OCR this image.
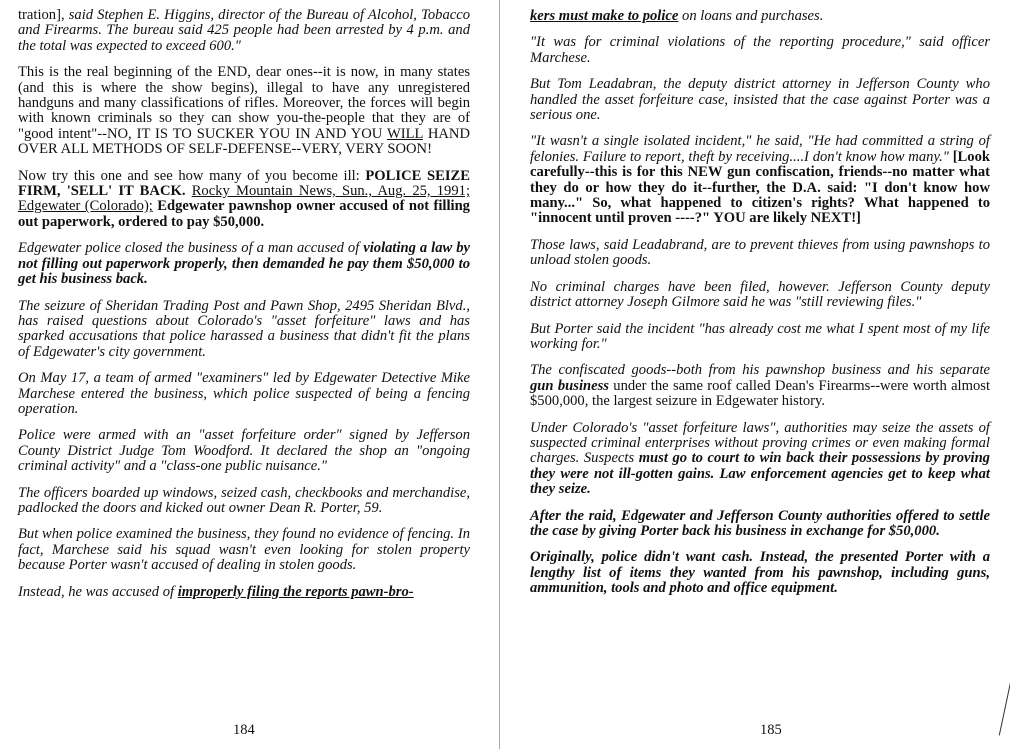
tration], said Stephen E. Higgins, director of the Bureau of Alcohol, Tobacco and Firearms. The bureau said 425 people had been arrested by 4 p.m. and the total was expected to exceed 600."

This is the real beginning of the END, dear ones--it is now, in many states (and this is where the show begins), illegal to have any unregistered handguns and many classifications of rifles. Moreover, the forces will begin with known criminals so they can show you-the-people that they are of "good intent"--NO, IT IS TO SUCKER YOU IN AND YOU WILL HAND OVER ALL METHODS OF SELF-DEFENSE--VERY, VERY SOON!

Now try this one and see how many of you become ill: POLICE SEIZE FIRM, 'SELL' IT BACK. Rocky Mountain News, Sun., Aug. 25, 1991; Edgewater (Colorado); Edgewater pawnshop owner accused of not filling out paperwork, ordered to pay $50,000.

Edgewater police closed the business of a man accused of violating a law by not filling out paperwork properly, then demanded he pay them $50,000 to get his business back.

The seizure of Sheridan Trading Post and Pawn Shop, 2495 Sheridan Blvd., has raised questions about Colorado's "asset forfeiture" laws and has sparked accusations that police harassed a business that didn't fit the plans of Edgewater's city government.

On May 17, a team of armed "examiners" led by Edgewater Detective Mike Marchese entered the business, which police suspected of being a fencing operation.

Police were armed with an "asset forfeiture order" signed by Jefferson County District Judge Tom Woodford. It declared the shop an "ongoing criminal activity" and a "class-one public nuisance."

The officers boarded up windows, seized cash, checkbooks and merchandise, padlocked the doors and kicked out owner Dean R. Porter, 59.

But when police examined the business, they found no evidence of fencing. In fact, Marchese said his squad wasn't even looking for stolen property because Porter wasn't accused of dealing in stolen goods.

Instead, he was accused of improperly filing the reports pawn-bro-

184

kers must make to police on loans and purchases.

"It was for criminal violations of the reporting procedure," said officer Marchese.

But Tom Leadabran, the deputy district attorney in Jefferson County who handled the asset forfeiture case, insisted that the case against Porter was a serious one.

"It wasn't a single isolated incident," he said, "He had committed a string of felonies. Failure to report, theft by receiving....I don't know how many." [Look carefully--this is for this NEW gun confiscation, friends--no matter what they do or how they do it--further, the D.A. said: "I don't know how many..." So, what happened to citizen's rights? What happened to "innocent until proven ----?" YOU are likely NEXT!]

Those laws, said Leadabrand, are to prevent thieves from using pawnshops to unload stolen goods.

No criminal charges have been filed, however. Jefferson County deputy district attorney Joseph Gilmore said he was "still reviewing files."

But Porter said the incident "has already cost me what I spent most of my life working for."

The confiscated goods--both from his pawnshop business and his separate gun business under the same roof called Dean's Firearms--were worth almost $500,000, the largest seizure in Edgewater history.

Under Colorado's "asset forfeiture laws", authorities may seize the assets of suspected criminal enterprises without proving crimes or even making formal charges. Suspects must go to court to win back their possessions by proving they were not ill-gotten gains. Law enforcement agencies get to keep what they seize.

After the raid, Edgewater and Jefferson County authorities offered to settle the case by giving Porter back his business in exchange for $50,000.

Originally, police didn't want cash. Instead, the presented Porter with a lengthy list of items they wanted from his pawnshop, including guns, ammunition, tools and photo and office equipment.

185
